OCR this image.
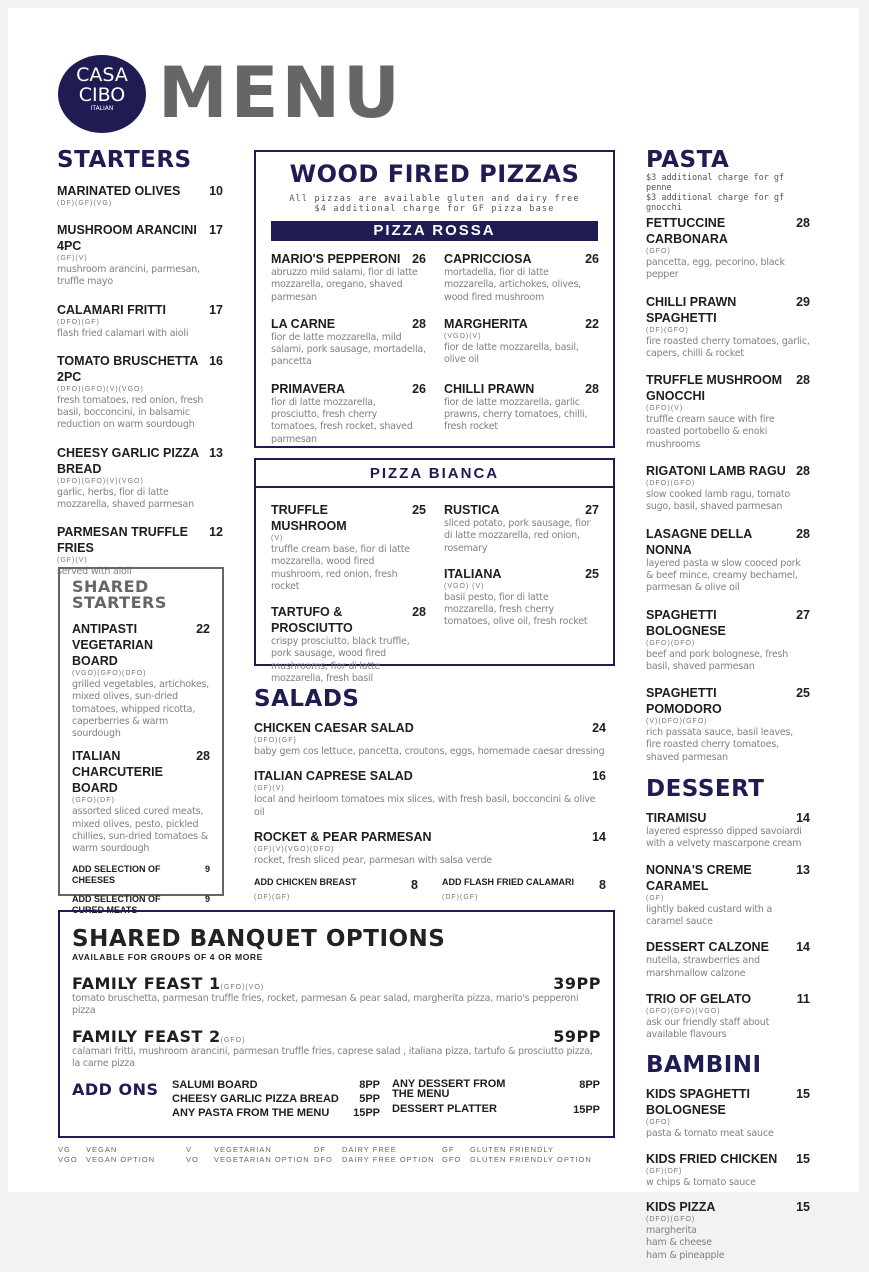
CASA
CIBO
ITALIAN MENU
STARTERS
MARINATED OLIVES 10
(DF)(GF)(VG)
MUSHROOM ARANCINI 4PC
17
(GF)(V)
mushroom arancini, parmesan, truffle mayo
CALAMARI FRITTI	17
(DFO)(GF)
flash fried calamari with aioli
TOMATO BRUSCHETTA 2PC
16
(DFO)(GFO)(V)(VGO)
fresh tomatoes, red onion, fresh basil, bocconcini, in balsamic reduction on warm sourdough
CHEESY GARLIC PIZZA BREAD
13
(DFO)(GFO)(V)(VGO)
garlic, herbs, fior di latte mozzarella, shaved parmesan
PARMESAN TRUFFLE FRIES
12
(GF)(V)
served with aioli
SHARED STARTERS
ANTIPASTI VEGETARIAN BOARD
22
(VGO)(GFO)(DFO)
grilled vegetables, artichokes, mixed olives, sun-dried tomatoes, whipped ricotta, caperberries & warm sourdough
ITALIAN CHARCUTERIE BOARD
28
(GFO)(DF)
assorted sliced cured meats, mixed olives, pesto, pickled chillies, sun-dried tomatoes & warm sourdough
ADD SELECTION OF CHEESES
9
ADD SELECTION OF CURED MEATS
9
WOOD FIRED PIZZAS
All pizzas are available gluten and dairy free
$4 additional charge for GF pizza base
PIZZA ROSSA
MARIO'S PEPPERONI 26
abruzzo mild salami, fior di latte mozzarella, oregano, shaved parmesan
CAPRICCIOSA	26
mortadella, fior di latte mozzarella, artichokes, olives, wood fired mushroom
LA CARNE	28
fior de latte mozzarella, mild salami, pork sausage, mortadella, pancetta
MARGHERITA	22
(VGO)(V)
fior de latte mozzarella, basil, olive oil
PRIMAVERA	26
fior di latte mozzarella, prosciutto, fresh cherry tomatoes, fresh rocket, shaved parmesan
CHILLI PRAWN	28
fior de latte mozzarella, garlic prawns, cherry tomatoes, chilli, fresh rocket
PIZZA BIANCA
TRUFFLE MUSHROOM
25
(V)
truffle cream base, fior di latte mozzarella, wood fired mushroom, red onion, fresh rocket
TARTUFO & PROSCIUTTO
28
crispy prosciutto, black truffle, pork sausage, wood fired mushrooms, fior di latte mozzarella, fresh basil
RUSTICA	27
sliced potato, pork sausage, fior di latte mozzarella, red onion, rosemary
ITALIANA	25
(VGO) (V)
basil pesto, fior di latte mozzarella, fresh cherry tomatoes, olive oil, fresh rocket
SALADS
CHICKEN CAESAR SALAD	24
(DFO)(GF)
baby gem cos lettuce, pancetta, croutons, eggs, homemade caesar dressing
ITALIAN CAPRESE SALAD	16
(GF)(V)
local and heirloom tomatoes mix slices, with fresh basil, bocconcini & olive oil
ROCKET & PEAR PARMESAN	14
(GF)(V)(VGO)(DFO)
rocket, fresh sliced pear, parmesan with salsa verde
ADD CHICKEN BREAST	8
(DF)(GF)
ADD FLASH FRIED CALAMARI 8
(DF)(GF)
PASTA
$3 additional charge for gf penne
$3 additional charge for gf gnocchi
FETTUCCINE CARBONARA
28
(GFO)
pancetta, egg, pecorino, black pepper
CHILLI PRAWN SPAGHETTI
29
(DF)(GFO)
fire roasted cherry tomatoes, garlic, capers, chilli & rocket
TRUFFLE MUSHROOM GNOCCHI
28
(GFO)(V)
truffle cream sauce with fire roasted portobello & enoki mushrooms
RIGATONI LAMB RAGU 28
(DFO)(GFO)
slow cooked lamb ragu, tomato sugo, basil, shaved parmesan
LASAGNE DELLA NONNA
28
layered pasta w slow cooced pork & beef mince, creamy bechamel, parmesan & olive oil
SPAGHETTI BOLOGNESE
27
(GFO)(DFO)
beef and pork bolognese, fresh basil, shaved parmesan
SPAGHETTI POMODORO
25
(V)(DFO)(GFO)
rich passata sauce, basil leaves, fire roasted cherry tomatoes, shaved parmesan
DESSERT
TIRAMISU	14
layered espresso dipped savoiardi with a velvety mascarpone cream
NONNA'S CREME CARAMEL
13
(GF)
lightly baked custard with a caramel sauce
DESSERT CALZONE 14
nutella, strawberries and marshmallow calzone
TRIO OF GELATO	11
(GFO)(DFO)(VGO)
ask our friendly staff about available flavours
BAMBINI
KIDS SPAGHETTI BOLOGNESE
15
(GFO)
pasta & tomato meat sauce
KIDS FRIED CHICKEN 15
(GF)(DF)
w chips & tomato sauce
KIDS PIZZA	15
(DFO)(GFO)
margherita
ham & cheese
ham & pineapple
SHARED BANQUET OPTIONS
AVAILABLE FOR GROUPS OF 4 OR MORE
FAMILY FEAST 1(GFO)(VO)	39PP
tomato bruschetta, parmesan truffle fries, rocket, parmesan & pear salad, margherita pizza, mario's pepperoni pizza
FAMILY FEAST 2(GFO)	59PP
calamari fritti, mushroom arancini, parmesan truffle fries, caprese salad , italiana pizza, tartufo & prosciutto pizza, la carne pizza
ADD ONS	SALUMI BOARD	8PP
CHEESY GARLIC PIZZA BREAD 5PP
ANY PASTA FROM THE MENU 15PP
ANY DESSERT FROM THE MENU
8PP
DESSERT PLATTER	15PP
VG VEGAN
VGO VEGAN OPTION
V	VEGETARIAN
VO VEGETARIAN OPTION
DF DAIRY FREE
DFO DAIRY FREE OPTION
GF GLUTEN FRIENDLY
GFO GLUTEN FRIENDLY OPTION
